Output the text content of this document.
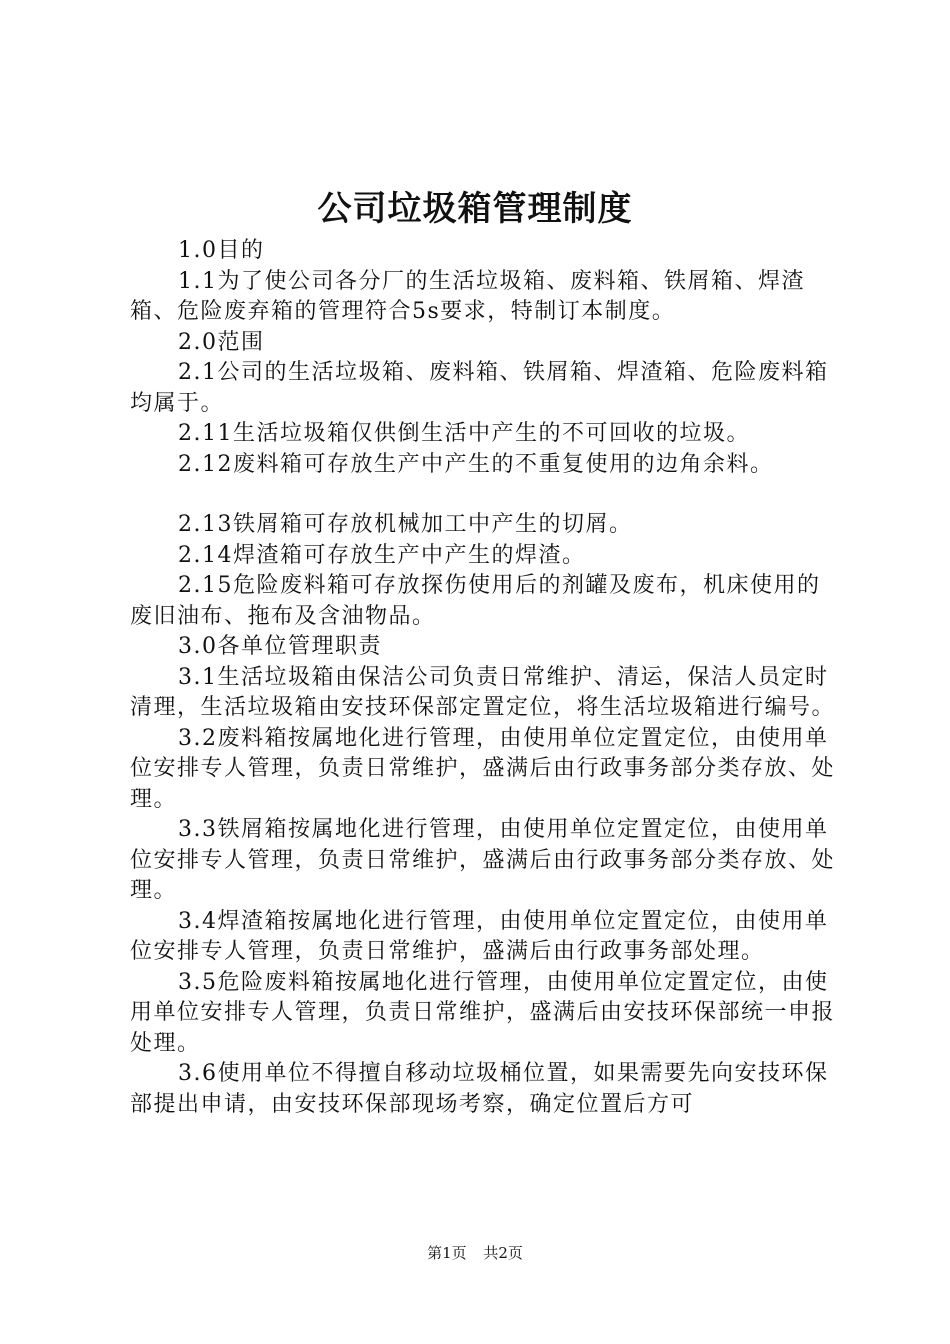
公司垃圾箱管理制度

1.0目的

1.1为了使公司各分厂的生活垃圾箱、废料箱、铁屑箱、焊渣箱、危险废弃箱的管理符合5s要求，特制订本制度。

2.0范围

2.1公司的生活垃圾箱、废料箱、铁屑箱、焊渣箱、危险废料箱均属于。

2.11生活垃圾箱仅供倒生活中产生的不可回收的垃圾。

2.12废料箱可存放生产中产生的不重复使用的边角余料。

2.13铁屑箱可存放机械加工中产生的切屑。

2.14焊渣箱可存放生产中产生的焊渣。

2.15危险废料箱可存放探伤使用后的剂罐及废布，机床使用的废旧油布、拖布及含油物品。

3.0各单位管理职责

3.1生活垃圾箱由保洁公司负责日常维护、清运，保洁人员定时清理，生活垃圾箱由安技环保部定置定位，将生活垃圾箱进行编号。

3.2废料箱按属地化进行管理，由使用单位定置定位，由使用单位安排专人管理，负责日常维护，盛满后由行政事务部分类存放、处理。

3.3铁屑箱按属地化进行管理，由使用单位定置定位，由使用单位安排专人管理，负责日常维护，盛满后由行政事务部分类存放、处理。

3.4焊渣箱按属地化进行管理，由使用单位定置定位，由使用单位安排专人管理，负责日常维护，盛满后由行政事务部处理。

3.5危险废料箱按属地化进行管理，由使用单位定置定位，由使用单位安排专人管理，负责日常维护，盛满后由安技环保部统一申报处理。

3.6使用单位不得擅自移动垃圾桶位置，如果需要先向安技环保部提出申请，由安技环保部现场考察，确定位置后方可

第1页 共2页
